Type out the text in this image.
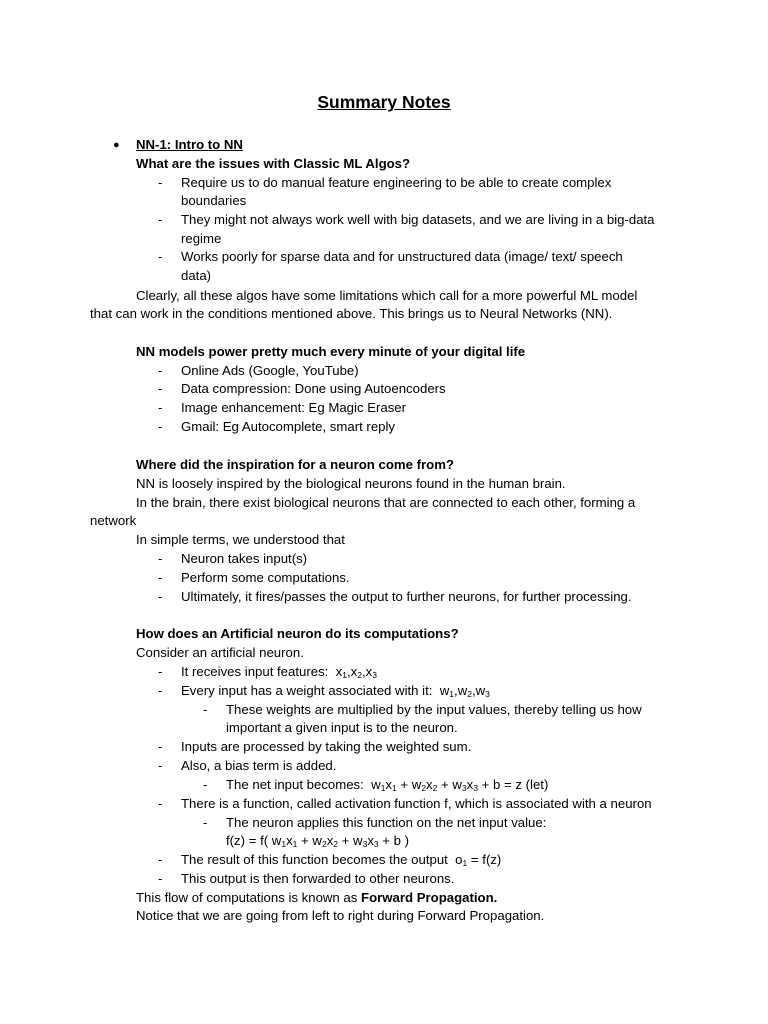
Summary Notes
● NN-1: Intro to NN
What are the issues with Classic ML Algos?
- Require us to do manual feature engineering to be able to create complex
boundaries
- They might not always work well with big datasets, and we are living in a big-data
regime
- Works poorly for sparse data and for unstructured data (image/ text/ speech
data)
Clearly, all these algos have some limitations which call for a more powerful ML model
that can work in the conditions mentioned above. This brings us to Neural Networks (NN).
NN models power pretty much every minute of your digital life
- Online Ads (Google, YouTube)
- Data compression: Done using Autoencoders
- Image enhancement: Eg Magic Eraser
- Gmail: Eg Autocomplete, smart reply
Where did the inspiration for a neuron come from?
NN is loosely inspired by the biological neurons found in the human brain.
In the brain, there exist biological neurons that are connected to each other, forming a
network
In simple terms, we understood that
- Neuron takes input(s)
- Perform some computations.
- Ultimately, it fires/passes the output to further neurons, for further processing.
How does an Artificial neuron do its computations?
Consider an artificial neuron.
- It receives input features: $x_1,x_2,x_3$
- Every input has a weight associated with it: $w_1,w_2,w_3$
- These weights are multiplied by the input values, thereby telling us how
important a given input is to the neuron.
- Inputs are processed by taking the weighted sum.
- Also, a bias term is added.
- The net input becomes: $w_1x_1 + w_2x_2 + w_3x_3 + b = z$ (let)
- There is a function, called activation function f, which is associated with a neuron
- The neuron applies this function on the net input value:
f(z) = f( $w_1x_1 + w_2x_2 + w_3x_3 + b$ )
- The result of this function becomes the output $o_1 = f(z)$
- This output is then forwarded to other neurons.
This flow of computations is known as Forward Propagation.
Notice that we are going from left to right during Forward Propagation.
